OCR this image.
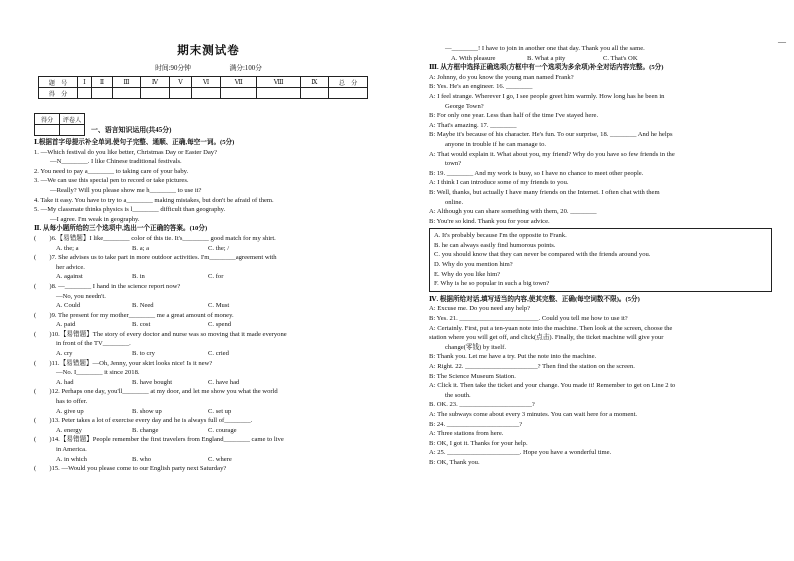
期末测试卷
时间:90分钟	满分:100分
题　号	Ⅰ	Ⅱ	Ⅲ	Ⅳ	Ⅴ	Ⅵ	Ⅶ	Ⅷ	Ⅸ	总　分
得　分										
得分	评卷人

一、语言知识运用(共45分)
Ⅰ.根据首字母提示补全单词,使句子完整、通顺、正确,每空一词。(5分)
1. —Which festival do you like better, Christmas Day or Easter Day?
—N________. I like Chinese traditional festivals.
2. You need to pay a________ to taking care of your baby.
3. —We can use this special pen to record or take pictures.
—Really? Will you please show me h________ to use it?
4. Take it easy. You have to try to a________ making mistakes, but don't be afraid of them.
5. —My classmate thinks physics is l________ difficult than geography.
—I agree. I'm weak in geography.
Ⅱ. 从每小题所给的三个选项中,选出一个正确的答案。(10分)
(　　)6.【易错题】I like________ color of this tie. It's________ good match for my shirt.
A. the; a	B. a; a	C. the; /
(　　)7. She advises us to take part in more outdoor activities. I'm________agreement with
her advice.
A. against	B. in	C. for
(　　)8. —________ I hand in the science report now?
—No, you needn't.
A. Could	B. Need	C. Must
(　　)9. The present for my mother________ me a great amount of money.
A. paid	B. cost	C. spend
(　　)10.【易错题】The story of every doctor and nurse was so moving that it made everyone
in front of the TV________.
A. cry	B. to cry	C. cried
(　　)11.【易错题】—Oh, Jenny, your skirt looks nice! Is it new?
—No. I________ it since 2018.
A. had	B. have bought	C. have had
(　　)12. Perhaps one day, you'll________ at my door, and let me show you what the world
has to offer.
A. give up	B. show up	C. set up
(　　)13. Peter takes a lot of exercise every day and he is always full of________.
A. energy	B. change	C. courage
(　　)14.【易错题】People remember the first travelers from England________ came to live
in America.
A. in which	B. who	C. where
(　　)15. —Would you please come to our English party next Saturday?
—________! I have to join in another one that day. Thank you all the same.
A. With pleasure	B. What a pity	C. That's OK
Ⅲ. 从方框中选择正确选项(方框中有一个选项为多余项)补全对话内容完整。(5分)
A: Johnny, do you know the young man named Frank?
B: Yes. He's an engineer. 16. ________
A: I feel strange. Wherever I go, I see people greet him warmly. How long has he been in
George Town?
B: For only one year. Less than half of the time I've stayed here.
A: That's amazing. 17. ________
B: Maybe it's because of his character. He's fun. To our surprise, 18. ________ And he helps
anyone in trouble if he can manage to.
A: That would explain it. What about you, my friend? Why do you have so few friends in the
town?
B: 19. ________ And my work is busy, so I have no chance to meet other people.
A: I think I can introduce some of my friends to you.
B: Well, thanks, but actually I have many friends on the Internet. I often chat with them
online.
A: Although you can share something with them, 20. ________
B: You're so kind. Thank you for your advice.
A. It's probably because I'm the opposite to Frank.
B. he can always easily find humorous points.
C. you should know that they can never be compared with the friends around you.
D. Why do you mention him?
E. Why do you like him?
F. Why is he so popular in such a big town?
Ⅳ. 根据所给对话,填写适当的内容,使其完整、正确(每空词数不限)。(5分)
A: Excuse me. Do you need any help?
B: Yes. 21. ________________________. Could you tell me how to use it?
A: Certainly. First, put a ten-yuan note into the machine. Then look at the screen, choose the
station where you will get off, and click(点击). Finally, the ticket machine will give your
change(零钱) by itself.
B: Thank you. Let me have a try. Put the note into the machine.
A: Right. 22. ______________________? Then find the station on the screen.
B: The Science Museum Station.
A: Click it. Then take the ticket and your change. You made it! Remember to get on Line 2 to
the south.
B. OK. 23. ______________________?
A: The subways come about every 3 minutes. You can wait here for a moment.
B: 24. ______________________?
A: Three stations from here.
B: OK, I got it. Thanks for your help.
A: 25. ______________________. Hope you have a wonderful time.
B: OK, Thank you.
—
